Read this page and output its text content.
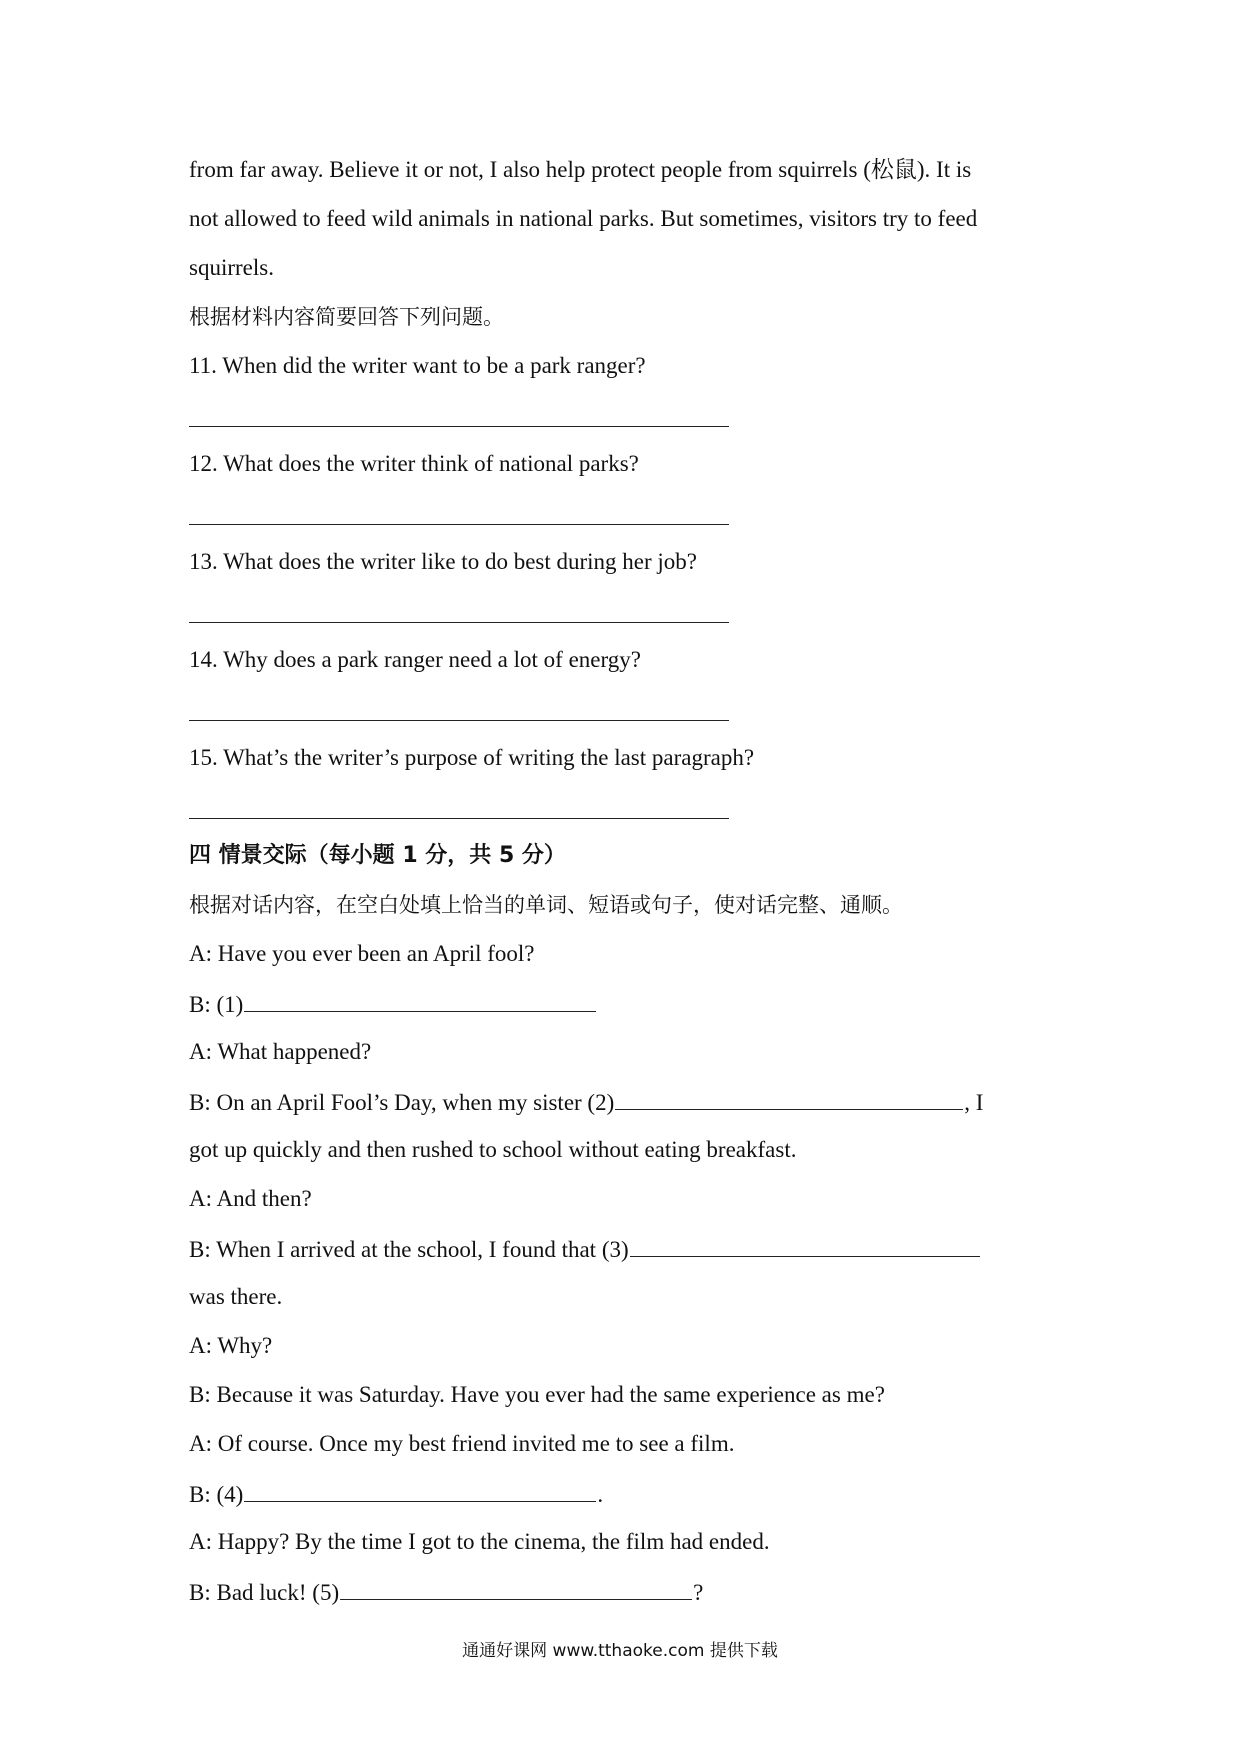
from far away. Believe it or not, I also help protect people from squirrels (松鼠). It is
not allowed to feed wild animals in national parks. But sometimes, visitors try to feed
squirrels.
根据材料内容简要回答下列问题。
11. When did the writer want to be a park ranger?
12. What does the writer think of national parks?
13. What does the writer like to do best during her job?
14. Why does a park ranger need a lot of energy?
15. What’s the writer’s purpose of writing the last paragraph?
四 情景交际（每小题 1 分，共 5 分）
根据对话内容，在空白处填上恰当的单词、短语或句子，使对话完整、通顺。
A: Have you ever been an April fool?
B: (1)
A: What happened?
B: On an April Fool’s Day, when my sister (2)	, I
got up quickly and then rushed to school without eating breakfast.
A: And then?
B: When I arrived at the school, I found that (3)
was there.
A: Why?
B: Because it was Saturday. Have you ever had the same experience as me?
A: Of course. Once my best friend invited me to see a film.
B: (4)	.
A: Happy? By the time I got to the cinema, the film had ended.
B: Bad luck! (5)	?
通通好课网 www.tthaoke.com 提供下载
